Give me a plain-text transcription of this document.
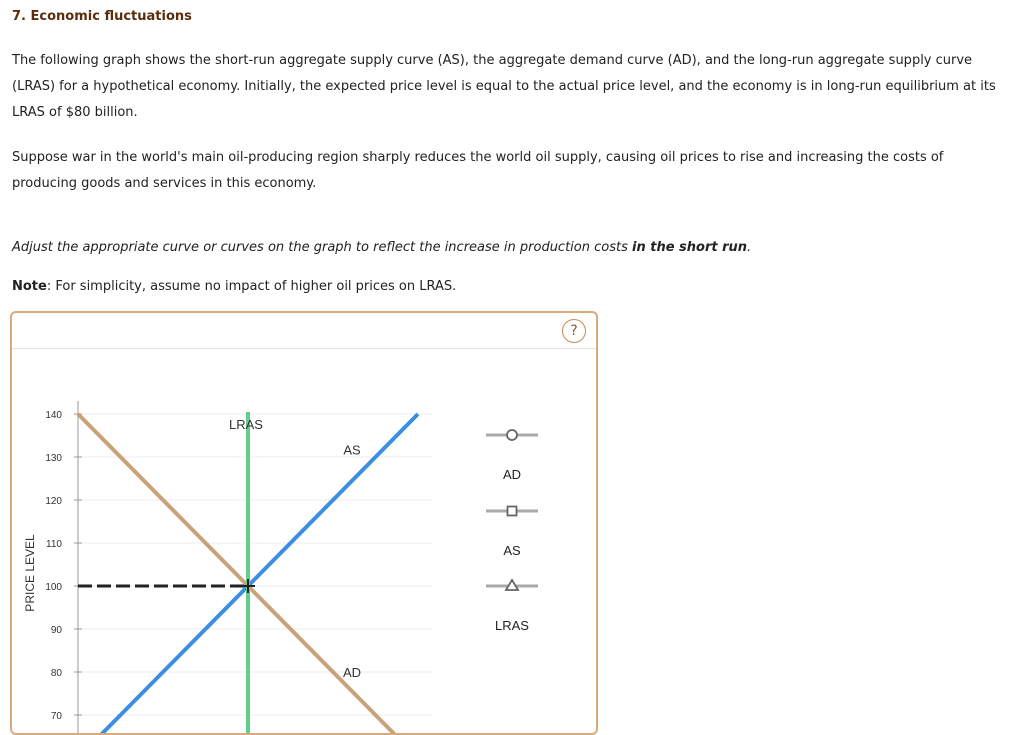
7. Economic fluctuations
The following graph shows the short-run aggregate supply curve (AS), the aggregate demand curve (AD), and the long-run aggregate supply curve (LRAS) for a hypothetical economy. Initially, the expected price level is equal to the actual price level, and the economy is in long-run equilibrium at its LRAS of $80 billion.
Suppose war in the world's main oil-producing region sharply reduces the world oil supply, causing oil prices to rise and increasing the costs of producing goods and services in this economy.
Adjust the appropriate curve or curves on the graph to reflect the increase in production costs in the short run.
Note: For simplicity, assume no impact of higher oil prices on LRAS.
?
PRICE LEVEL
140
130
120
110
100
90
80
70
LRAS
AS
AD
AD
AS
LRAS
